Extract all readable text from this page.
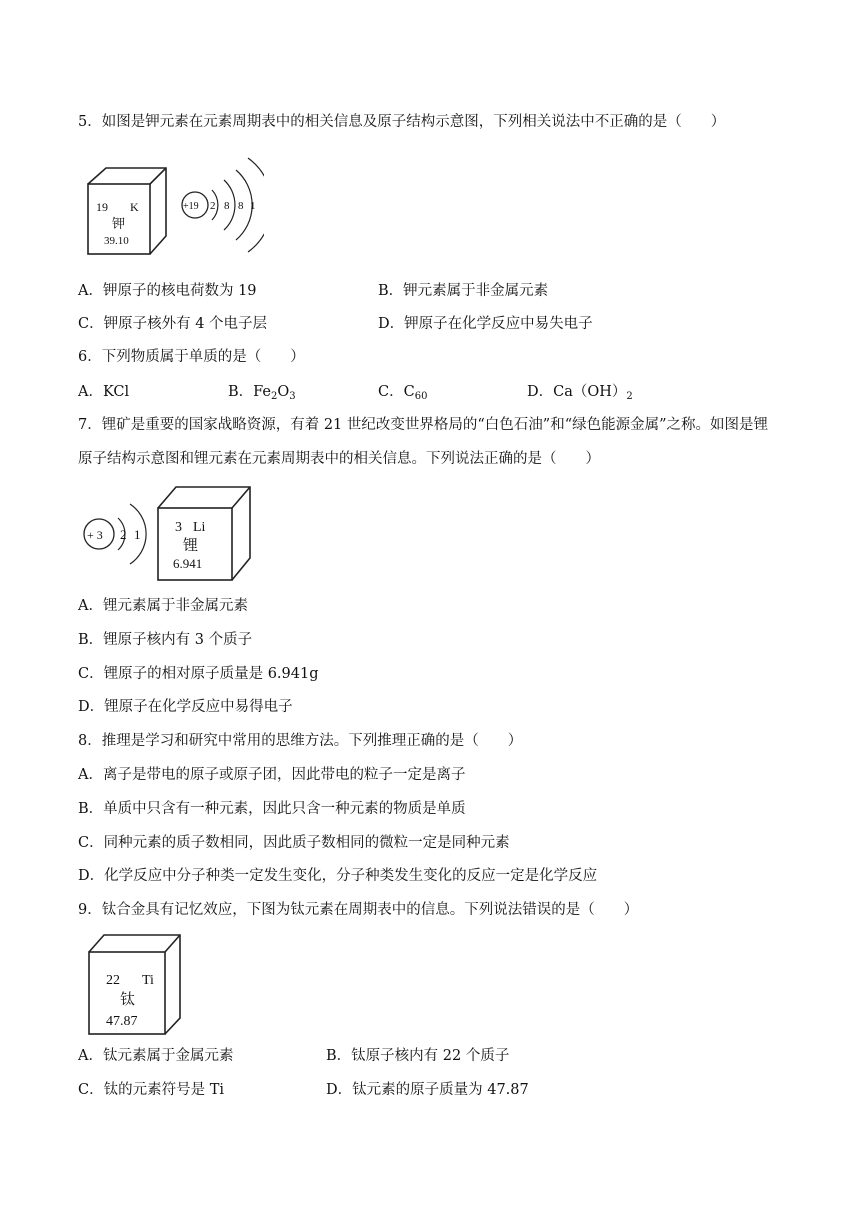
5．如图是钾元素在元素周期表中的相关信息及原子结构示意图，下列相关说法中不正确的是（　　）
19 K
钾
39.10
+19 2 8 8 1
A．钾原子的核电荷数为 19	B．钾元素属于非金属元素
C．钾原子核外有 4 个电子层	D．钾原子在化学反应中易失电子
6．下列物质属于单质的是（　　）
A．KCl	B．$Fe_2O_3$	C．$C_{60}$	D．$Ca(OH)_2$
7．锂矿是重要的国家战略资源，有着 21 世纪改变世界格局的“白色石油”和“绿色能源金属”之称。如图是锂
原子结构示意图和锂元素在元素周期表中的相关信息。下列说法正确的是（　　）
+ 3 2 1 3 Li
锂
6.941
A．锂元素属于非金属元素
B．锂原子核内有 3 个质子
C．锂原子的相对原子质量是 6.941g
D．锂原子在化学反应中易得电子
8．推理是学习和研究中常用的思维方法。下列推理正确的是（　　）
A．离子是带电的原子或原子团，因此带电的粒子一定是离子
B．单质中只含有一种元素，因此只含一种元素的物质是单质
C．同种元素的质子数相同，因此质子数相同的微粒一定是同种元素
D．化学反应中分子种类一定发生变化，分子种类发生变化的反应一定是化学反应
9．钛合金具有记忆效应，下图为钛元素在周期表中的信息。下列说法错误的是（　　）
22 Ti
钛
47.87
A．钛元素属于金属元素	B．钛原子核内有 22 个质子
C．钛的元素符号是 Ti	D．钛元素的原子质量为 47.87
